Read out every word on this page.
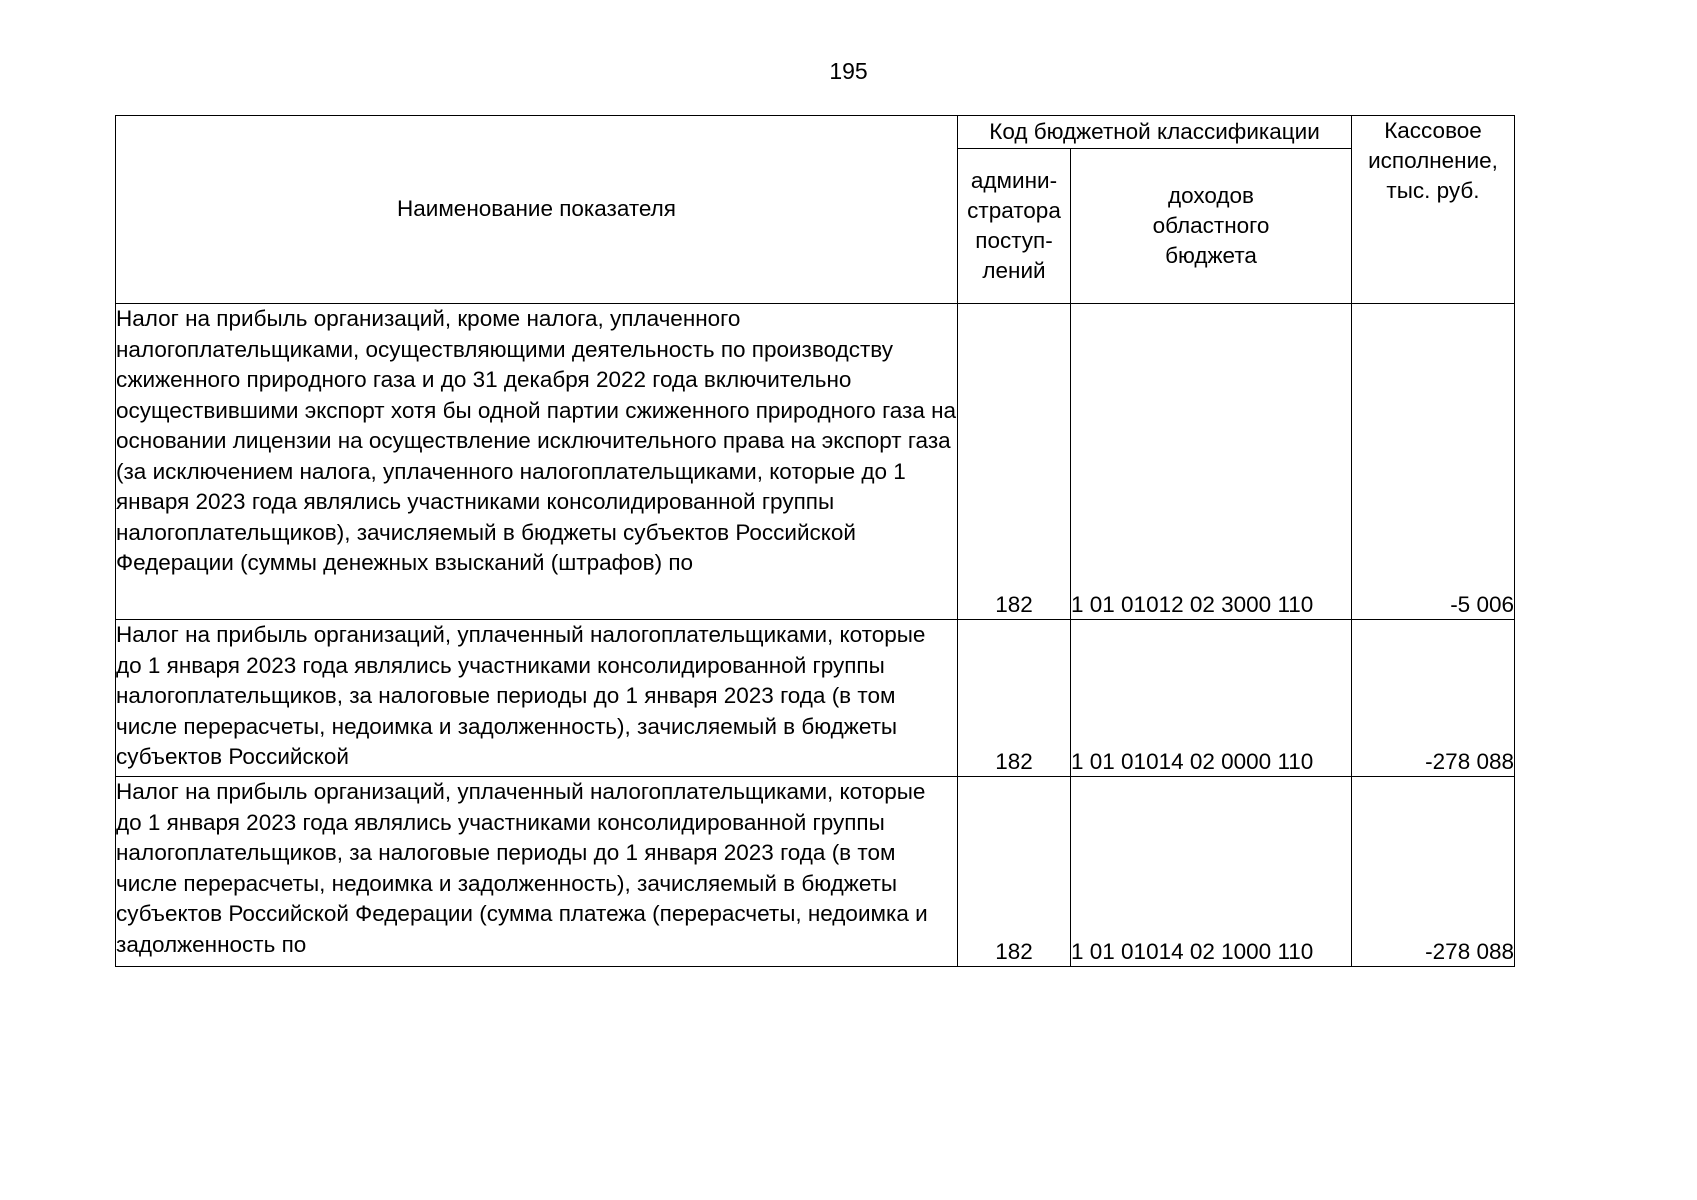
195
Наименование показателя	Код бюджетной классификации		Кассовое
исполнение,
тыс. руб.
	админи-
стратора
поступ-
лений	доходов
областного
бюджета	

Налог на прибыль организаций, кроме налога, уплаченного налогоплательщиками, осуществляющими деятельность по производству сжиженного природного газа и до 31 декабря 2022 года включительно осуществившими экспорт хотя бы одной партии сжиженного природного газа на основании лицензии на осуществление исключительного права на экспорт газа (за исключением налога, уплаченного налогоплательщиками, которые до 1 января 2023 года являлись участниками консолидированной группы налогоплательщиков), зачисляемый в бюджеты субъектов Российской Федерации (суммы денежных взысканий (штрафов) по	182	1 01 01012 02 3000 110	-5 006

Налог на прибыль организаций, уплаченный налогоплательщиками, которые до 1 января 2023 года являлись участниками консолидированной группы налогоплательщиков, за налоговые периоды до 1 января 2023 года (в том числе перерасчеты, недоимка и задолженность), зачисляемый в бюджеты субъектов Российской	182	1 01 01014 02 0000 110	-278 088

Налог на прибыль организаций, уплаченный налогоплательщиками, которые до 1 января 2023 года являлись участниками консолидированной группы налогоплательщиков, за налоговые периоды до 1 января 2023 года (в том числе перерасчеты, недоимка и задолженность), зачисляемый в бюджеты субъектов Российской Федерации (сумма платежа (перерасчеты, недоимка и задолженность по	182	1 01 01014 02 1000 110	-278 088
